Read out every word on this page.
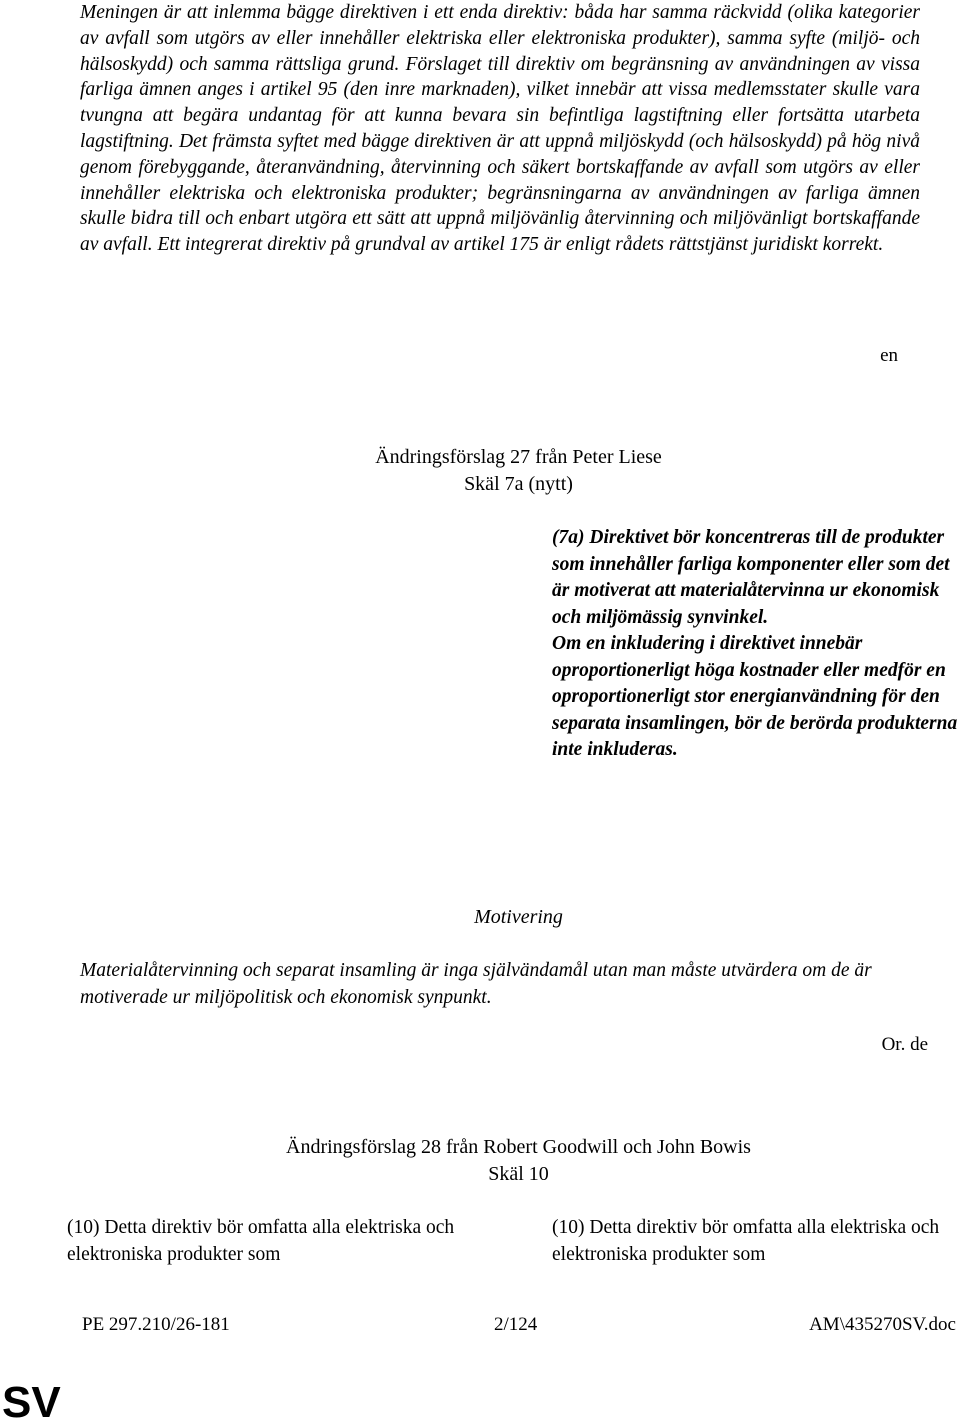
Meningen är att inlemma bägge direktiven i ett enda direktiv: båda har samma räckvidd (olika kategorier av avfall som utgörs av eller innehåller elektriska eller elektroniska produkter), samma syfte (miljö- och hälsoskydd) och samma rättsliga grund. Förslaget till direktiv om begränsning av användningen av vissa farliga ämnen anges i artikel 95 (den inre marknaden), vilket innebär att vissa medlemsstater skulle vara tvungna att begära undantag för att kunna bevara sin befintliga lagstiftning eller fortsätta utarbeta lagstiftning. Det främsta syftet med bägge direktiven är att uppnå miljöskydd (och hälsoskydd) på hög nivå genom förebyggande, återanvändning, återvinning och säkert bortskaffande av avfall som utgörs av eller innehåller elektriska och elektroniska produkter; begränsningarna av användningen av farliga ämnen skulle bidra till och enbart utgöra ett sätt att uppnå miljövänlig återvinning och miljövänligt bortskaffande av avfall. Ett integrerat direktiv på grundval av artikel 175 är enligt rådets rättstjänst juridiskt korrekt.

en
Ändringsförslag 27 från Peter Liese
Skäl 7a (nytt)

(7a) Direktivet bör koncentreras till de produkter som innehåller farliga komponenter eller som det är motiverat att materialåtervinna ur ekonomisk och miljömässig synvinkel.

Om en inkludering i direktivet innebär oproportionerligt höga kostnader eller medför en oproportionerligt stor energianvändning för den separata insamlingen, bör de berörda produkterna inte inkluderas.

Motivering

Materialåtervinning och separat insamling är inga självändamål utan man måste utvärdera om de är motiverade ur miljöpolitisk och ekonomisk synpunkt.

Or. de
Ändringsförslag 28 från Robert Goodwill och John Bowis
Skäl 10

(10) Detta direktiv bör omfatta alla elektriska och elektroniska produkter som

(10) Detta direktiv bör omfatta alla elektriska och elektroniska produkter som

PE 297.210/26-181	2/124	AM\435270SV.doc
SV
